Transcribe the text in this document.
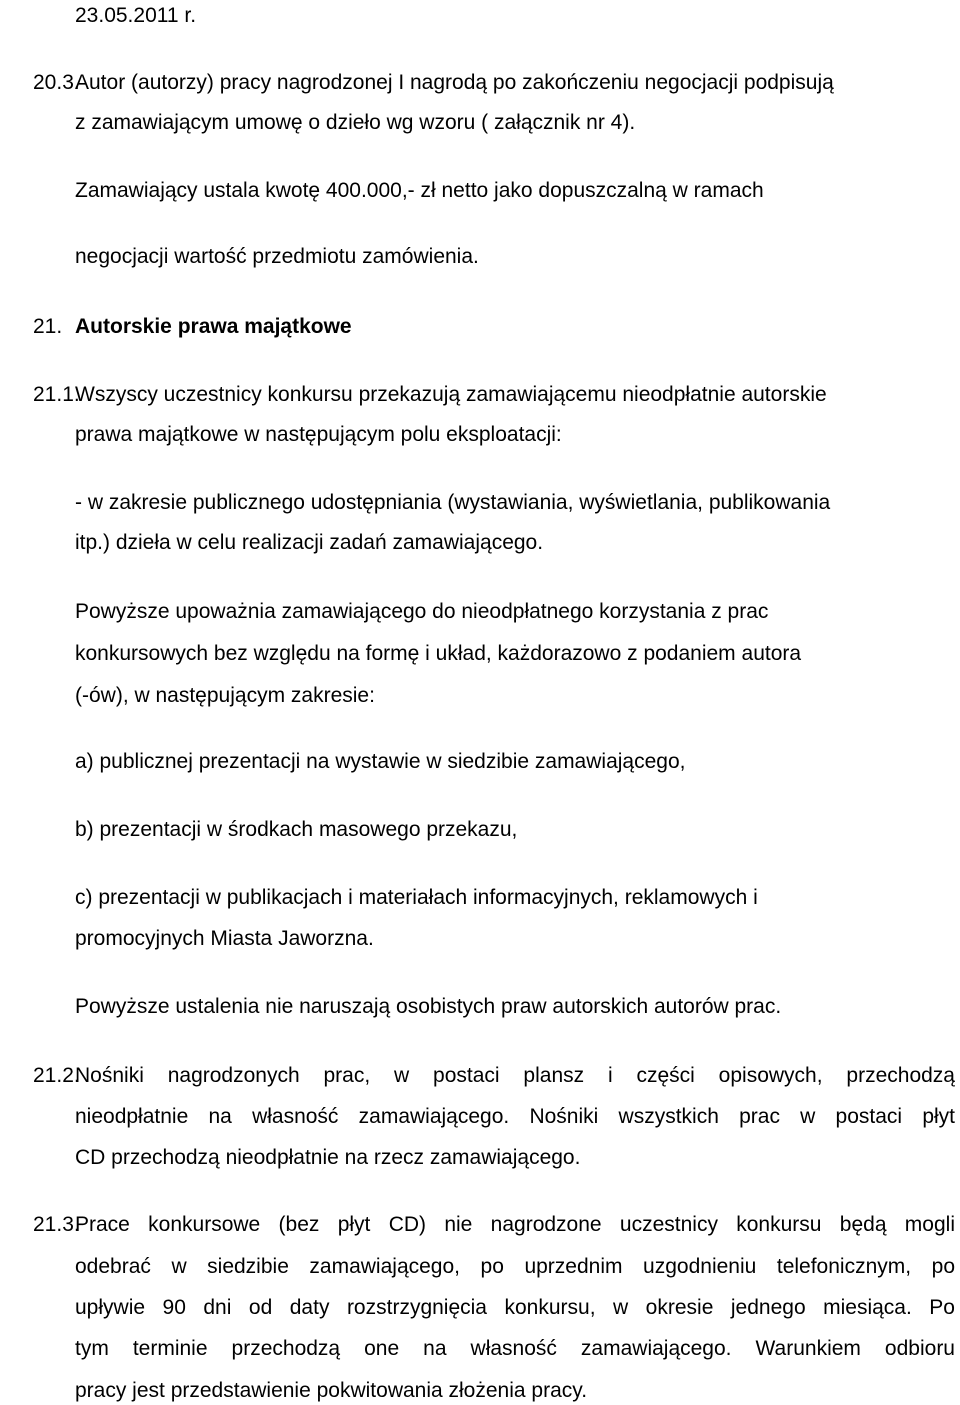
23.05.2011 r.
20.3.
Autor (autorzy) pracy nagrodzonej I nagrodą po zakończeniu negocjacji podpisują
z zamawiającym umowę o dzieło wg wzoru ( załącznik nr 4).
Zamawiający ustala kwotę 400.000,- zł netto jako dopuszczalną w ramach
negocjacji wartość przedmiotu zamówienia.
21. Autorskie prawa majątkowe
21.1.
Wszyscy uczestnicy konkursu przekazują zamawiającemu nieodpłatnie autorskie
prawa majątkowe w następującym polu eksploatacji:
- w zakresie publicznego udostępniania (wystawiania, wyświetlania, publikowania
itp.) dzieła w celu realizacji zadań zamawiającego.
Powyższe upoważnia zamawiającego do nieodpłatnego korzystania z prac
konkursowych bez względu na formę i układ, każdorazowo z podaniem autora
(-ów), w następującym zakresie:
a) publicznej prezentacji na wystawie w siedzibie zamawiającego,
b) prezentacji w środkach masowego przekazu,
c) prezentacji w publikacjach i materiałach informacyjnych, reklamowych i
promocyjnych Miasta Jaworzna.
Powyższe ustalenia nie naruszają osobistych praw autorskich autorów prac.
21.2.
Nośniki nagrodzonych prac, w postaci plansz i części opisowych, przechodzą
nieodpłatnie na własność zamawiającego. Nośniki wszystkich prac w postaci płyt
CD przechodzą nieodpłatnie na rzecz zamawiającego.
21.3.
Prace konkursowe (bez płyt CD) nie nagrodzone uczestnicy konkursu będą mogli
odebrać w siedzibie zamawiającego, po uprzednim uzgodnieniu telefonicznym, po
upływie 90 dni od daty rozstrzygnięcia konkursu, w okresie jednego miesiąca. Po
tym terminie przechodzą one na własność zamawiającego. Warunkiem odbioru
pracy jest przedstawienie pokwitowania złożenia pracy.
